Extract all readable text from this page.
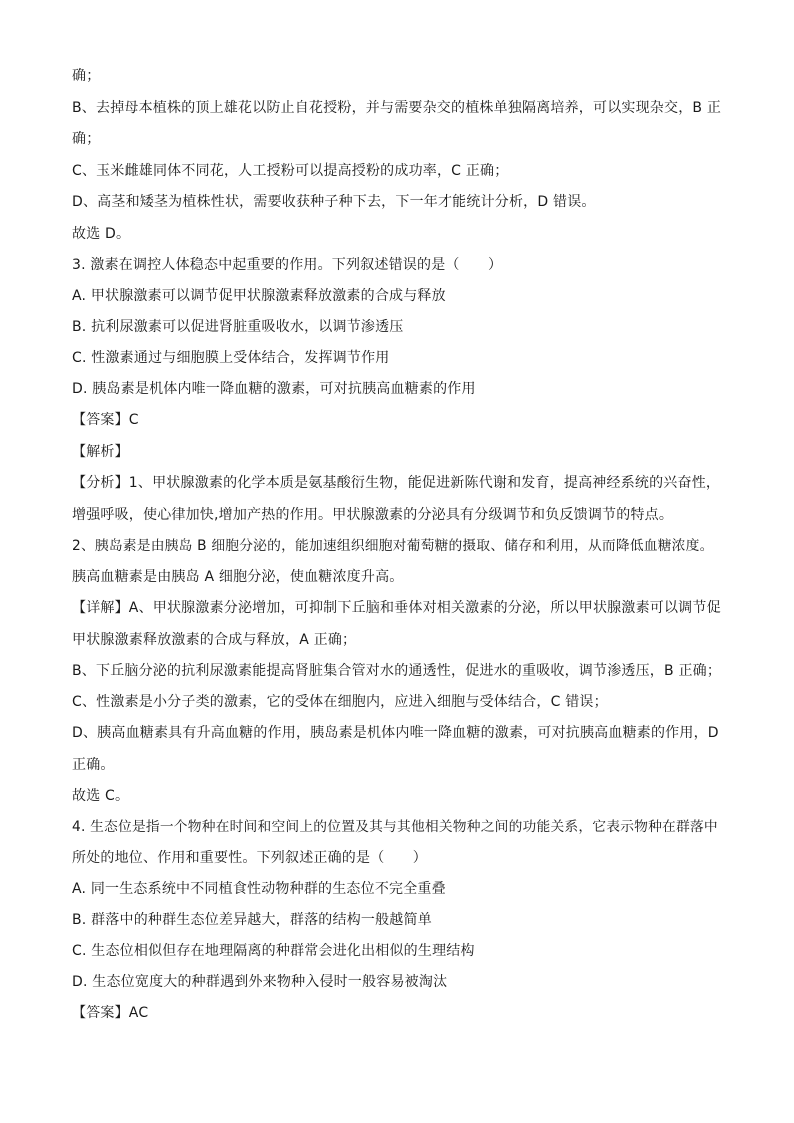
确；
B、去掉母本植株的顶上雄花以防止自花授粉，并与需要杂交的植株单独隔离培养，可以实现杂交，B 正
确；
C、玉米雌雄同体不同花，人工授粉可以提高授粉的成功率，C 正确；
D、高茎和矮茎为植株性状，需要收获种子种下去，下一年才能统计分析，D 错误。
故选 D。
3. 激素在调控人体稳态中起重要的作用。下列叙述错误的是（　　）
A. 甲状腺激素可以调节促甲状腺激素释放激素的合成与释放
B. 抗利尿激素可以促进肾脏重吸收水，以调节渗透压
C. 性激素通过与细胞膜上受体结合，发挥调节作用
D. 胰岛素是机体内唯一降血糖的激素，可对抗胰高血糖素的作用
【答案】C
【解析】
【分析】1、甲状腺激素的化学本质是氨基酸衍生物，能促进新陈代谢和发育，提高神经系统的兴奋性，
增强呼吸，使心律加快,增加产热的作用。甲状腺激素的分泌具有分级调节和负反馈调节的特点。
2、胰岛素是由胰岛 B 细胞分泌的，能加速组织细胞对葡萄糖的摄取、储存和利用，从而降低血糖浓度。
胰高血糖素是由胰岛 A 细胞分泌，使血糖浓度升高。
【详解】A、甲状腺激素分泌增加，可抑制下丘脑和垂体对相关激素的分泌，所以甲状腺激素可以调节促
甲状腺激素释放激素的合成与释放，A 正确；
B、下丘脑分泌的抗利尿激素能提高肾脏集合管对水的通透性，促进水的重吸收，调节渗透压，B 正确；
C、性激素是小分子类的激素，它的受体在细胞内，应进入细胞与受体结合，C 错误；
D、胰高血糖素具有升高血糖的作用，胰岛素是机体内唯一降血糖的激素，可对抗胰高血糖素的作用，D
正确。
故选 C。
4. 生态位是指一个物种在时间和空间上的位置及其与其他相关物种之间的功能关系，它表示物种在群落中
所处的地位、作用和重要性。下列叙述正确的是（　　）
A. 同一生态系统中不同植食性动物种群的生态位不完全重叠
B. 群落中的种群生态位差异越大，群落的结构一般越简单
C. 生态位相似但存在地理隔离的种群常会进化出相似的生理结构
D. 生态位宽度大的种群遇到外来物种入侵时一般容易被淘汰
【答案】AC
